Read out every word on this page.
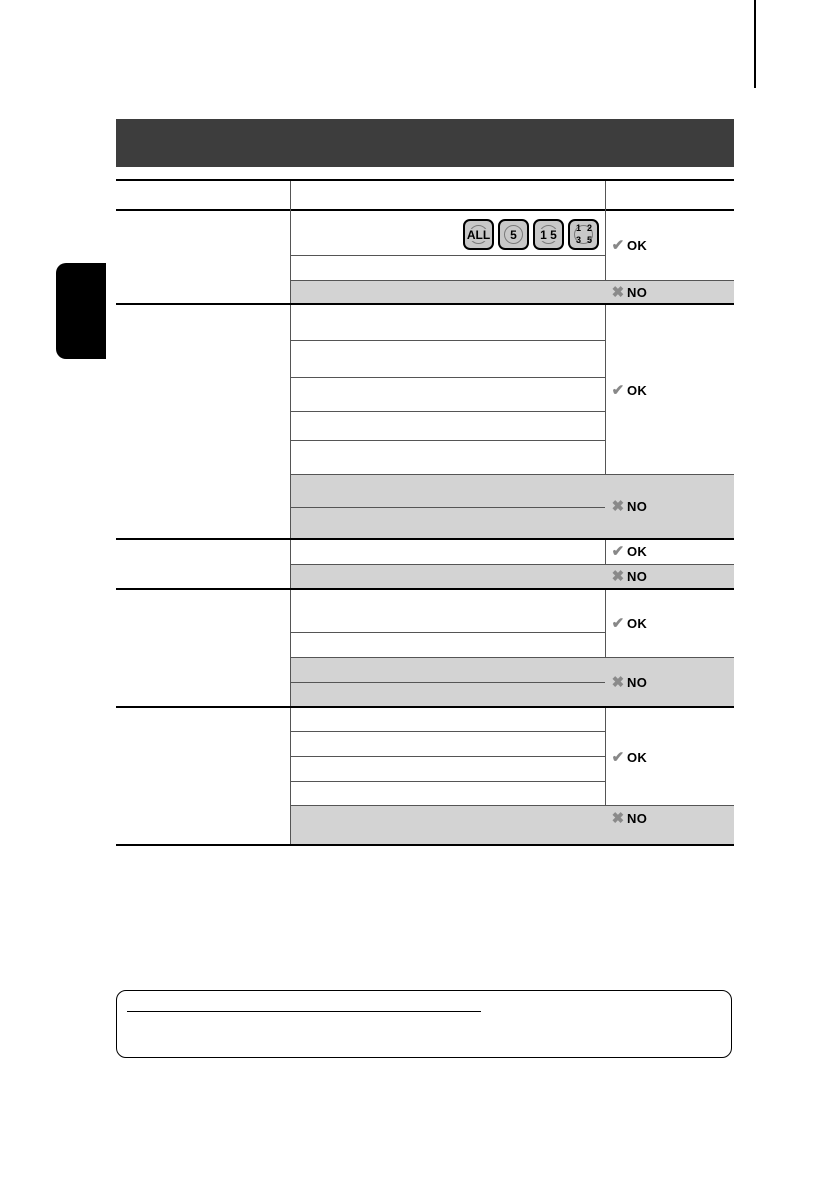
ALL 5 1 5 1 2
3 5 ✔ OK
✖ NO
✔ OK
✖ NO
✔ OK
✖ NO
✔ OK
✖ NO
✔ OK
✖ NO
